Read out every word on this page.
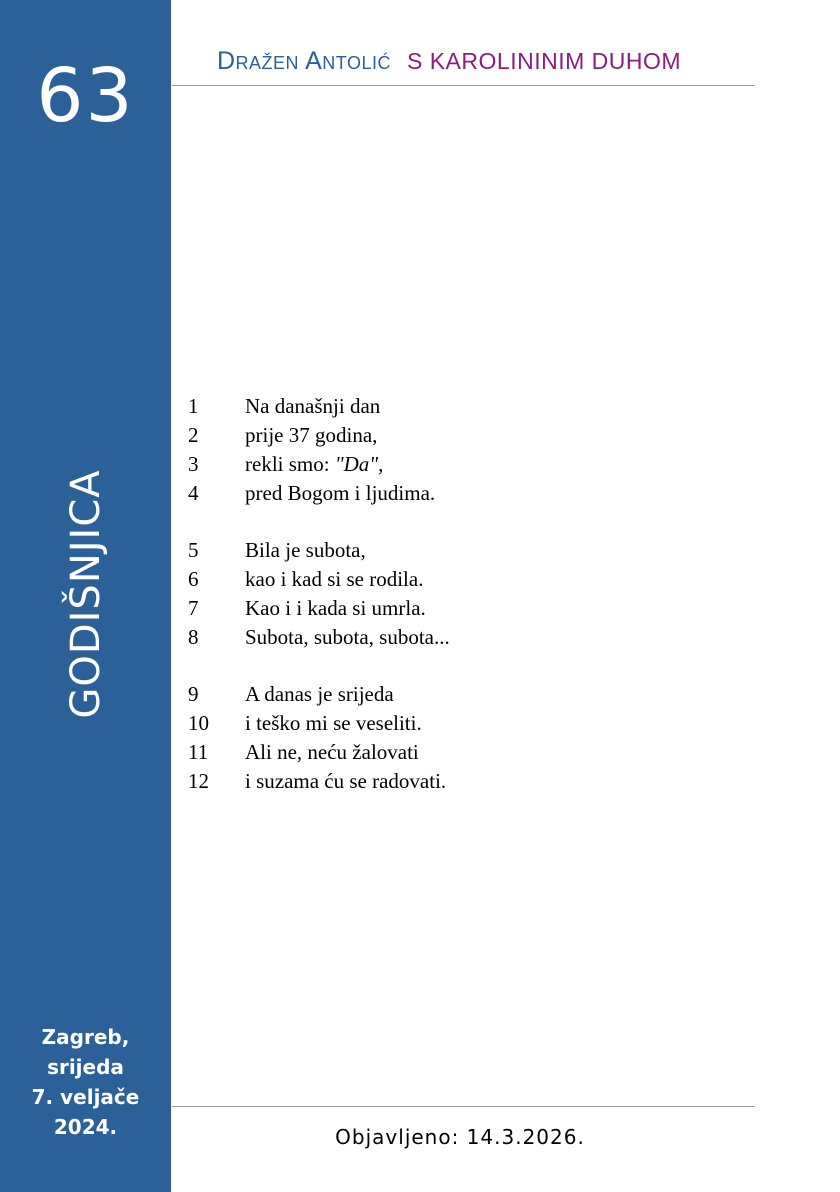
63
GODIŠNJICA
Zagreb,
srijeda
7. veljače
2024.
Dražen Antolić S KAROLININIM DUHOM
1	Na današnji dan
2	prije 37 godina,
3	rekli smo: "Da",
4	pred Bogom i ljudima.
5	Bila je subota,
6	kao i kad si se rodila.
7	Kao i i kada si umrla.
8	Subota, subota, subota...
9	A danas je srijeda
10	i teško mi se veseliti.
11	Ali ne, neću žalovati
12	i suzama ću se radovati.
Objavljeno: 14.3.2026.
